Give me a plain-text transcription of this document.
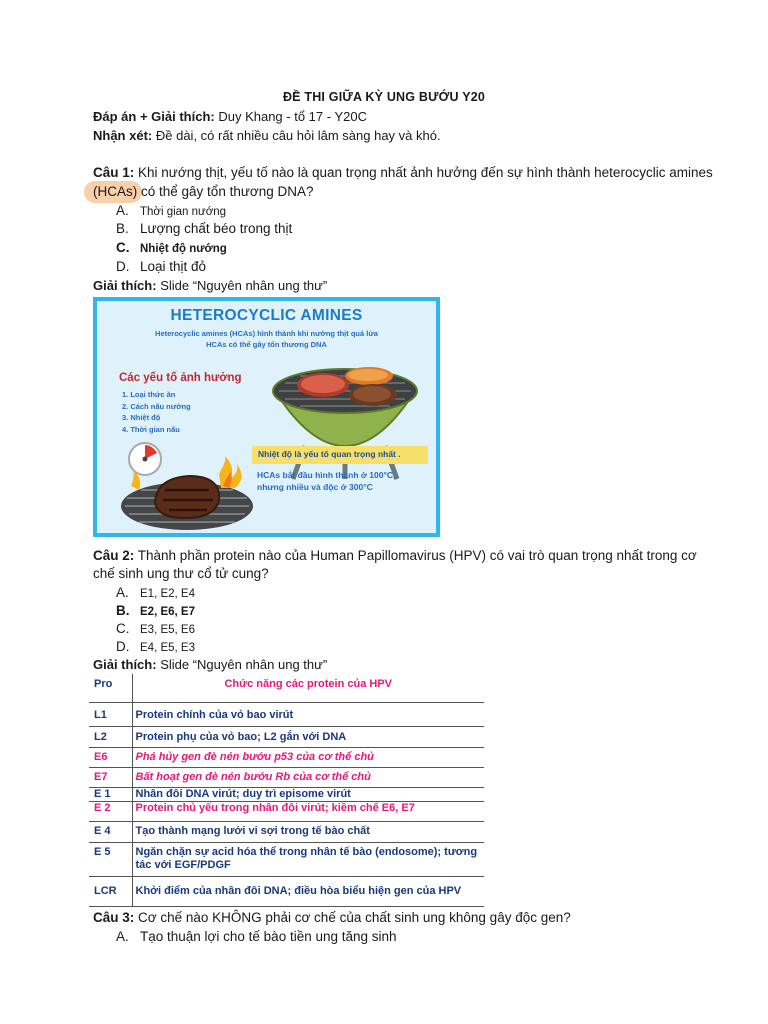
ĐỀ THI GIỮA KỲ UNG BƯỚU Y20
Đáp án + Giải thích: Duy Khang - tổ 17 - Y20C
Nhận xét: Đề dài, có rất nhiều câu hỏi lâm sàng hay và khó.
Câu 1: Khi nướng thịt, yếu tố nào là quan trọng nhất ảnh hưởng đến sự hình thành heterocyclic amines
(HCAs) có thể gây tổn thương DNA?
A. Thời gian nướng
B. Lượng chất béo trong thịt
C. Nhiệt độ nướng
D. Loại thịt đỏ
Giải thích: Slide “Nguyên nhân ung thư”
HETEROCYCLIC AMINES
Heterocyclic amines (HCAs) hình thành khi nướng thịt quá lửa
HCAs có thể gây tổn thương DNA
Các yếu tố ảnh hưởng
1. Loại thức ăn
2. Cách nấu nướng
3. Nhiệt độ
4. Thời gian nấu
Nhiệt độ là yếu tố quan trọng nhất .
HCAs bắt đầu hình thành ở 100°C,
nhưng nhiều và độc ở 300°C
Câu 2: Thành phần protein nào của Human Papillomavirus (HPV) có vai trò quan trọng nhất trong cơ
chế sinh ung thư cổ tử cung?
A. E1, E2, E4
B. E2, E6, E7
C. E3, E5, E6
D. E4, E5, E3
Giải thích: Slide “Nguyên nhân ung thư”
Pro	Chức năng các protein của HPV
L1	Protein chính của vỏ bao virút
L2	Protein phụ của vỏ bao; L2 gắn với DNA
E6	Phá hủy gen đè nén bướu p53 của cơ thể chủ
E7	Bất hoạt gen đè nén bướu Rb của cơ thể chủ
E 1	Nhân đôi DNA virút; duy trì episome virút
E 2	Protein chủ yếu trong nhân đôi virút; kiềm chế E6, E7
E 4	Tạo thành mạng lưới vi sợi trong tế bào chất
E 5	Ngăn chặn sự acid hóa thể trong nhân tế bào (endosome); tương tác với EGF/PDGF
LCR	Khởi điểm của nhân đôi DNA; điều hòa biểu hiện gen của HPV
Câu 3: Cơ chế nào KHÔNG phải cơ chế của chất sinh ung không gây độc gen?
A. Tạo thuận lợi cho tế bào tiền ung tăng sinh
